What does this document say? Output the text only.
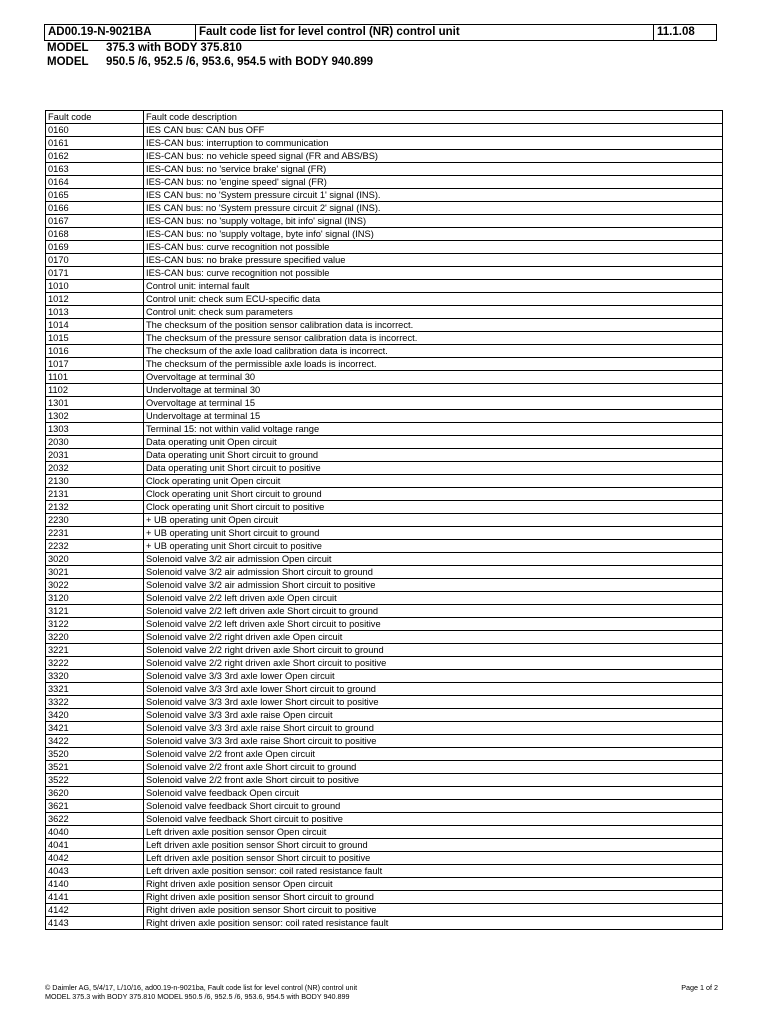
AD00.19-N-9021BA	Fault code list for level control (NR) control unit	11.1.08
MODEL 375.3 with BODY 375.810
MODEL 950.5 /6, 952.5 /6, 953.6, 954.5 with BODY 940.899
Fault code	Fault code description
0160	IES CAN bus: CAN bus OFF
0161	IES-CAN bus: interruption to communication
0162	IES-CAN bus: no vehicle speed signal (FR and ABS/BS)
0163	IES-CAN bus: no 'service brake' signal (FR)
0164	IES-CAN bus: no 'engine speed' signal (FR)
0165	IES CAN bus: no 'System pressure circuit 1' signal (INS).
0166	IES CAN bus: no 'System pressure circuit 2' signal (INS).
0167	IES-CAN bus: no 'supply voltage, bit info' signal (INS)
0168	IES-CAN bus: no 'supply voltage, byte info' signal (INS)
0169	IES-CAN bus: curve recognition not possible
0170	IES-CAN bus: no brake pressure specified value
0171	IES-CAN bus: curve recognition not possible
1010	Control unit: internal fault
1012	Control unit: check sum ECU-specific data
1013	Control unit: check sum parameters
1014	The checksum of the position sensor calibration data is incorrect.
1015	The checksum of the pressure sensor calibration data is incorrect.
1016	The checksum of the axle load calibration data is incorrect.
1017	The checksum of the permissible axle loads is incorrect.
1101	Overvoltage at terminal 30
1102	Undervoltage at terminal 30
1301	Overvoltage at terminal 15
1302	Undervoltage at terminal 15
1303	Terminal 15: not within valid voltage range
2030	Data operating unit Open circuit
2031	Data operating unit Short circuit to ground
2032	Data operating unit Short circuit to positive
2130	Clock operating unit Open circuit
2131	Clock operating unit Short circuit to ground
2132	Clock operating unit Short circuit to positive
2230	+ UB operating unit Open circuit
2231	+ UB operating unit Short circuit to ground
2232	+ UB operating unit Short circuit to positive
3020	Solenoid valve 3/2 air admission Open circuit
3021	Solenoid valve 3/2 air admission Short circuit to ground
3022	Solenoid valve 3/2 air admission Short circuit to positive
3120	Solenoid valve 2/2 left driven axle Open circuit
3121	Solenoid valve 2/2 left driven axle Short circuit to ground
3122	Solenoid valve 2/2 left driven axle Short circuit to positive
3220	Solenoid valve 2/2 right driven axle Open circuit
3221	Solenoid valve 2/2 right driven axle Short circuit to ground
3222	Solenoid valve 2/2 right driven axle Short circuit to positive
3320	Solenoid valve 3/3 3rd axle lower Open circuit
3321	Solenoid valve 3/3 3rd axle lower Short circuit to ground
3322	Solenoid valve 3/3 3rd axle lower Short circuit to positive
3420	Solenoid valve 3/3 3rd axle raise Open circuit
3421	Solenoid valve 3/3 3rd axle raise Short circuit to ground
3422	Solenoid valve 3/3 3rd axle raise Short circuit to positive
3520	Solenoid valve 2/2 front axle Open circuit
3521	Solenoid valve 2/2 front axle Short circuit to ground
3522	Solenoid valve 2/2 front axle Short circuit to positive
3620	Solenoid valve feedback Open circuit
3621	Solenoid valve feedback Short circuit to ground
3622	Solenoid valve feedback Short circuit to positive
4040	Left driven axle position sensor Open circuit
4041	Left driven axle position sensor Short circuit to ground
4042	Left driven axle position sensor Short circuit to positive
4043	Left driven axle position sensor: coil rated resistance fault
4140	Right driven axle position sensor Open circuit
4141	Right driven axle position sensor Short circuit to ground
4142	Right driven axle position sensor Short circuit to positive
4143	Right driven axle position sensor: coil rated resistance fault
© Daimler AG, 5/4/17, L/10/16, ad00.19-n-9021ba, Fault code list for level control (NR) control unit
MODEL 375.3 with BODY 375.810 MODEL 950.5 /6, 952.5 /6, 953.6, 954.5 with BODY 940.899
Page 1 of 2
